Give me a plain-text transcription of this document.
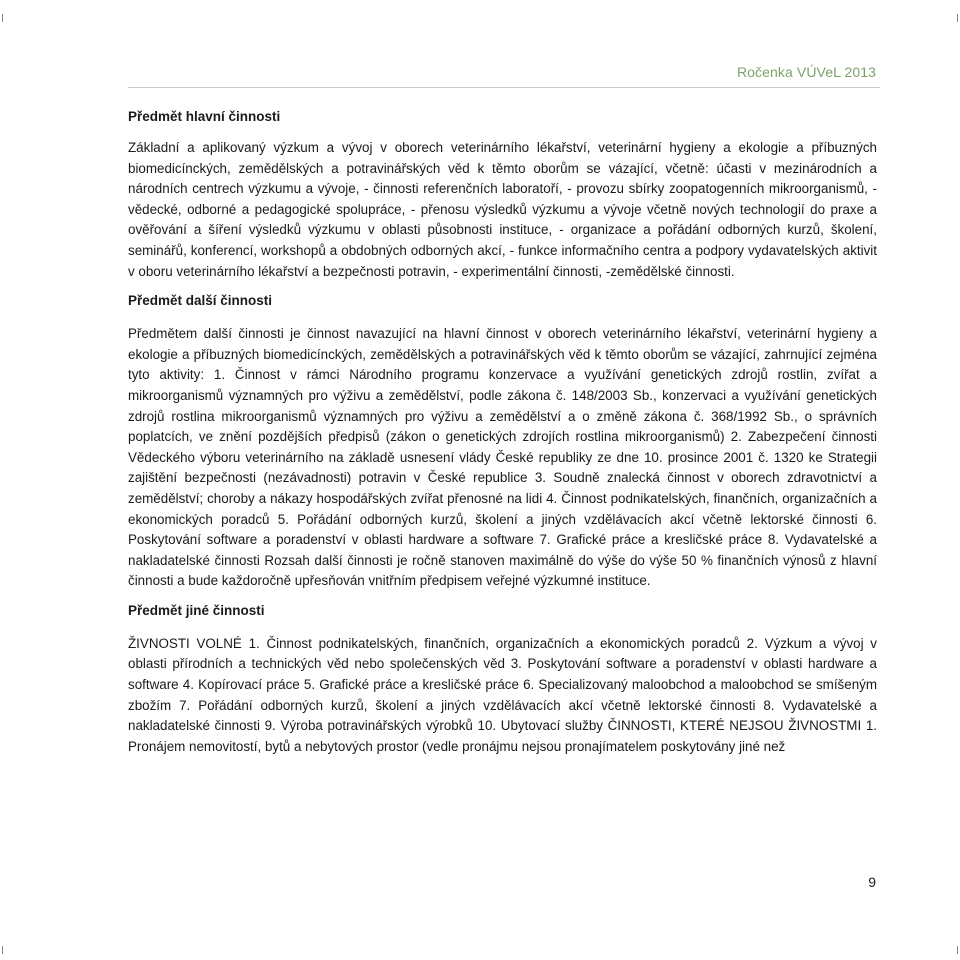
Ročenka VÚVeL 2013
Předmět hlavní činnosti

Základní a aplikovaný výzkum a vývoj v oborech veterinárního lékařství, veterinární hygieny a ekologie a příbuzných biomedicínckých, zemědělských a potravinářských věd k těmto oborům se vázající, včetně: účasti v mezinárodních a národních centrech výzkumu a vývoje, - činnosti referenčních laboratoří, - provozu sbírky zoopatogenních mikroorganismů, - vědecké, odborné a pedagogické spolupráce, - přenosu výsledků výzkumu a vývoje včetně nových technologií do praxe a ověřování a šíření výsledků výzkumu v oblasti působnosti instituce, - organizace a pořádání odborných kurzů, školení, seminářů, konferencí, workshopů a obdobných odborných akcí, - funkce informačního centra a podpory vydavatelských aktivit v oboru veterinárního lékařství a bezpečnosti potravin, - experimentální činnosti, -zemědělské činnosti.

Předmět další činnosti

Předmětem další činnosti je činnost navazující na hlavní činnost v oborech veterinárního lékařství, veterinární hygieny a ekologie a příbuzných biomedicínckých, zemědělských a potravinářských věd k těmto oborům se vázající, zahrnující zejména tyto aktivity: 1. Činnost v rámci Národního programu konzervace a využívání genetických zdrojů rostlin, zvířat a mikroorganismů významných pro výživu a zemědělství, podle zákona č. 148/2003 Sb., konzervaci a využívání genetických zdrojů rostlina mikroorganismů významných pro výživu a zemědělství a o změně zákona č. 368/1992 Sb., o správních poplatcích, ve znění pozdějších předpisů (zákon o genetických zdrojích rostlina mikroorganismů) 2. Zabezpečení činnosti Vědeckého výboru veterinárního na základě usnesení vlády České republiky ze dne 10. prosince 2001 č. 1320 ke Strategii zajištění bezpečnosti (nezávadnosti) potravin v České republice 3. Soudně znalecká činnost v oborech zdravotnictví a zemědělství; choroby a nákazy hospodářských zvířat přenosné na lidi 4. Činnost podnikatelských, finančních, organizačních a ekonomických poradců 5. Pořádání odborných kurzů, školení a jiných vzdělávacích akcí včetně lektorské činnosti 6. Poskytování software a poradenství v oblasti hardware a software 7. Grafické práce a kresličské práce 8. Vydavatelské a nakladatelské činnosti Rozsah další činnosti je ročně stanoven maximálně do výše do výše 50 % finančních výnosů z hlavní činnosti a bude každoročně upřesňován vnitřním předpisem veřejné výzkumné instituce.

Předmět jiné činnosti

ŽIVNOSTI VOLNÉ 1. Činnost podnikatelských, finančních, organizačních a ekonomických poradců 2. Výzkum a vývoj v oblasti přírodních a technických věd nebo společenských věd 3. Poskytování software a poradenství v oblasti hardware a software 4. Kopírovací práce 5. Grafické práce a kresličské práce 6. Specializovaný maloobchod a maloobchod se smíšeným zbožím 7. Pořádání odborných kurzů, školení a jiných vzdělávacích akcí včetně lektorské činnosti 8. Vydavatelské a nakladatelské činnosti 9. Výroba potravinářských výrobků 10. Ubytovací služby ČINNOSTI, KTERÉ NEJSOU ŽIVNOSTMI 1. Pronájem nemovitostí, bytů a nebytových prostor (vedle pronájmu nejsou pronajímatelem poskytovány jiné než

9
